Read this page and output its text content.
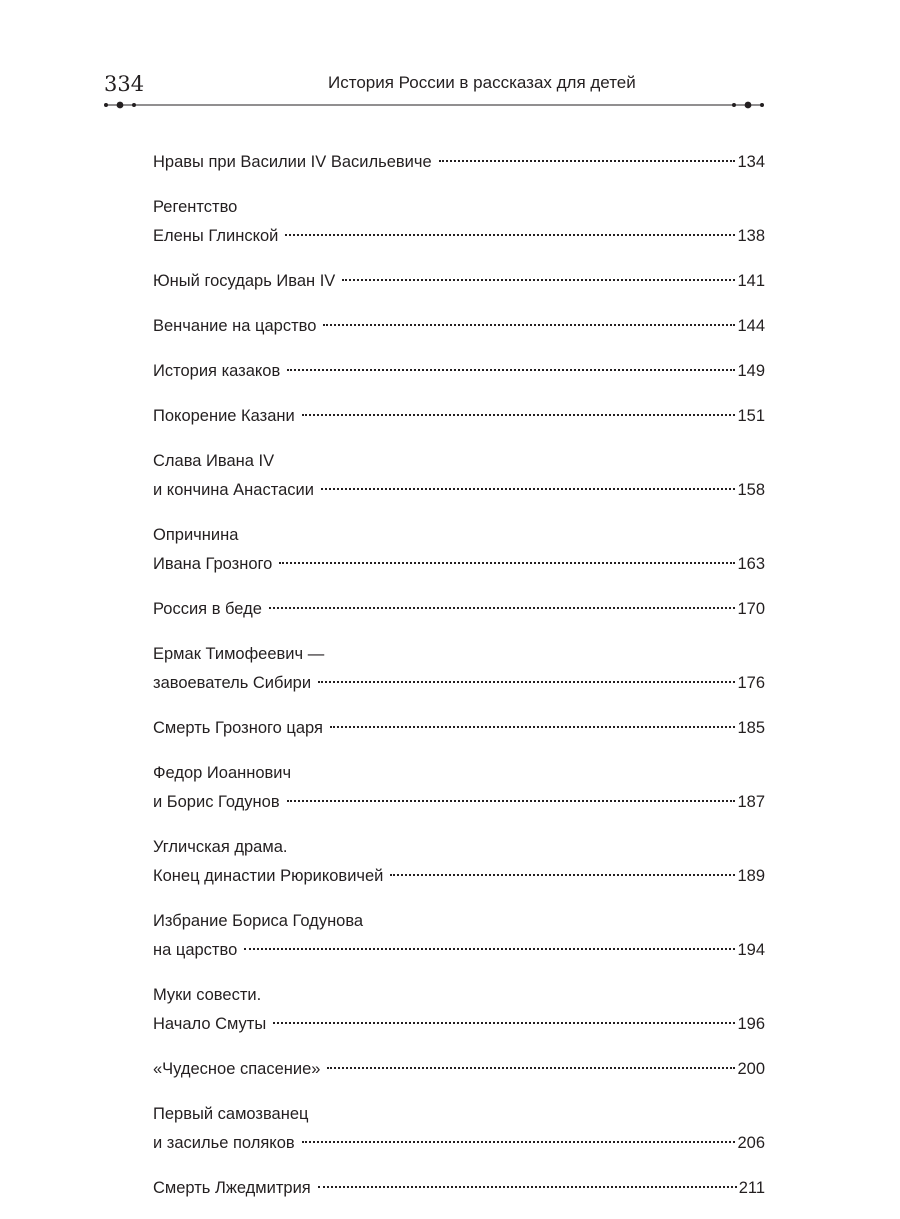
334	История России в рассказах для детей
Нравы при Василии IV Васильевиче	134
Регентство
Елены Глинской	138
Юный государь Иван IV	141
Венчание на царство	144
История казаков	149
Покорение Казани	151
Слава Ивана IV
и кончина Анастасии	158
Опричнина
Ивана Грозного	163
Россия в беде	170
Ермак Тимофеевич —
завоеватель Сибири	176
Смерть Грозного царя	185
Федор Иоаннович
и Борис Годунов	187
Угличская драма.
Конец династии Рюриковичей	189
Избрание Бориса Годунова
на царство	194
Муки совести.
Начало Смуты	196
«Чудесное спасение»	200
Первый самозванец
и засилье поляков	206
Смерть Лжедмитрия	211
